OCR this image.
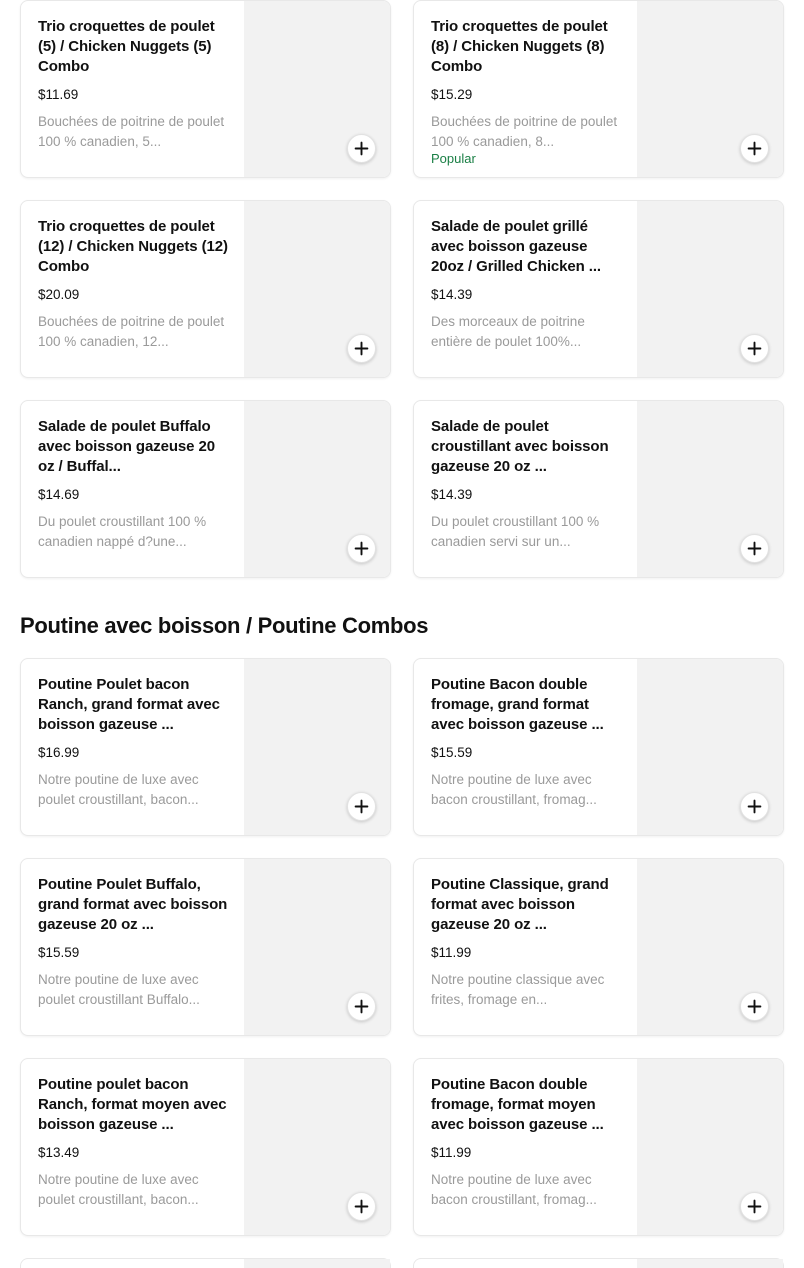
Trio croquettes de poulet (5) / Chicken Nuggets (5) Combo
$11.69
Bouchées de poitrine de poulet 100 % canadien, 5...
Trio croquettes de poulet (8) / Chicken Nuggets (8) Combo
$15.29
Bouchées de poitrine de poulet 100 % canadien, 8...
Popular
Trio croquettes de poulet (12) / Chicken Nuggets (12) Combo
$20.09
Bouchées de poitrine de poulet 100 % canadien, 12...
Salade de poulet grillé avec boisson gazeuse 20oz / Grilled Chicken ...
$14.39
Des morceaux de poitrine entière de poulet 100%...
Salade de poulet Buffalo avec boisson gazeuse 20 oz / Buffal...
$14.69
Du poulet croustillant 100 % canadien nappé d?une...
Salade de poulet croustillant avec boisson gazeuse 20 oz ...
$14.39
Du poulet croustillant 100 % canadien servi sur un...
Poutine avec boisson / Poutine Combos
Poutine Poulet bacon Ranch, grand format avec boisson gazeuse ...
$16.99
Notre poutine de luxe avec poulet croustillant, bacon...
Poutine Bacon double fromage, grand format avec boisson gazeuse ...
$15.59
Notre poutine de luxe avec bacon croustillant, fromag...
Poutine Poulet Buffalo, grand format avec boisson gazeuse 20 oz ...
$15.59
Notre poutine de luxe avec poulet croustillant Buffalo...
Poutine Classique, grand format avec boisson gazeuse 20 oz ...
$11.99
Notre poutine classique avec frites, fromage en...
Poutine poulet bacon Ranch, format moyen avec boisson gazeuse ...
$13.49
Notre poutine de luxe avec poulet croustillant, bacon...
Poutine Bacon double fromage, format moyen avec boisson gazeuse ...
$11.99
Notre poutine de luxe avec bacon croustillant, fromag...
